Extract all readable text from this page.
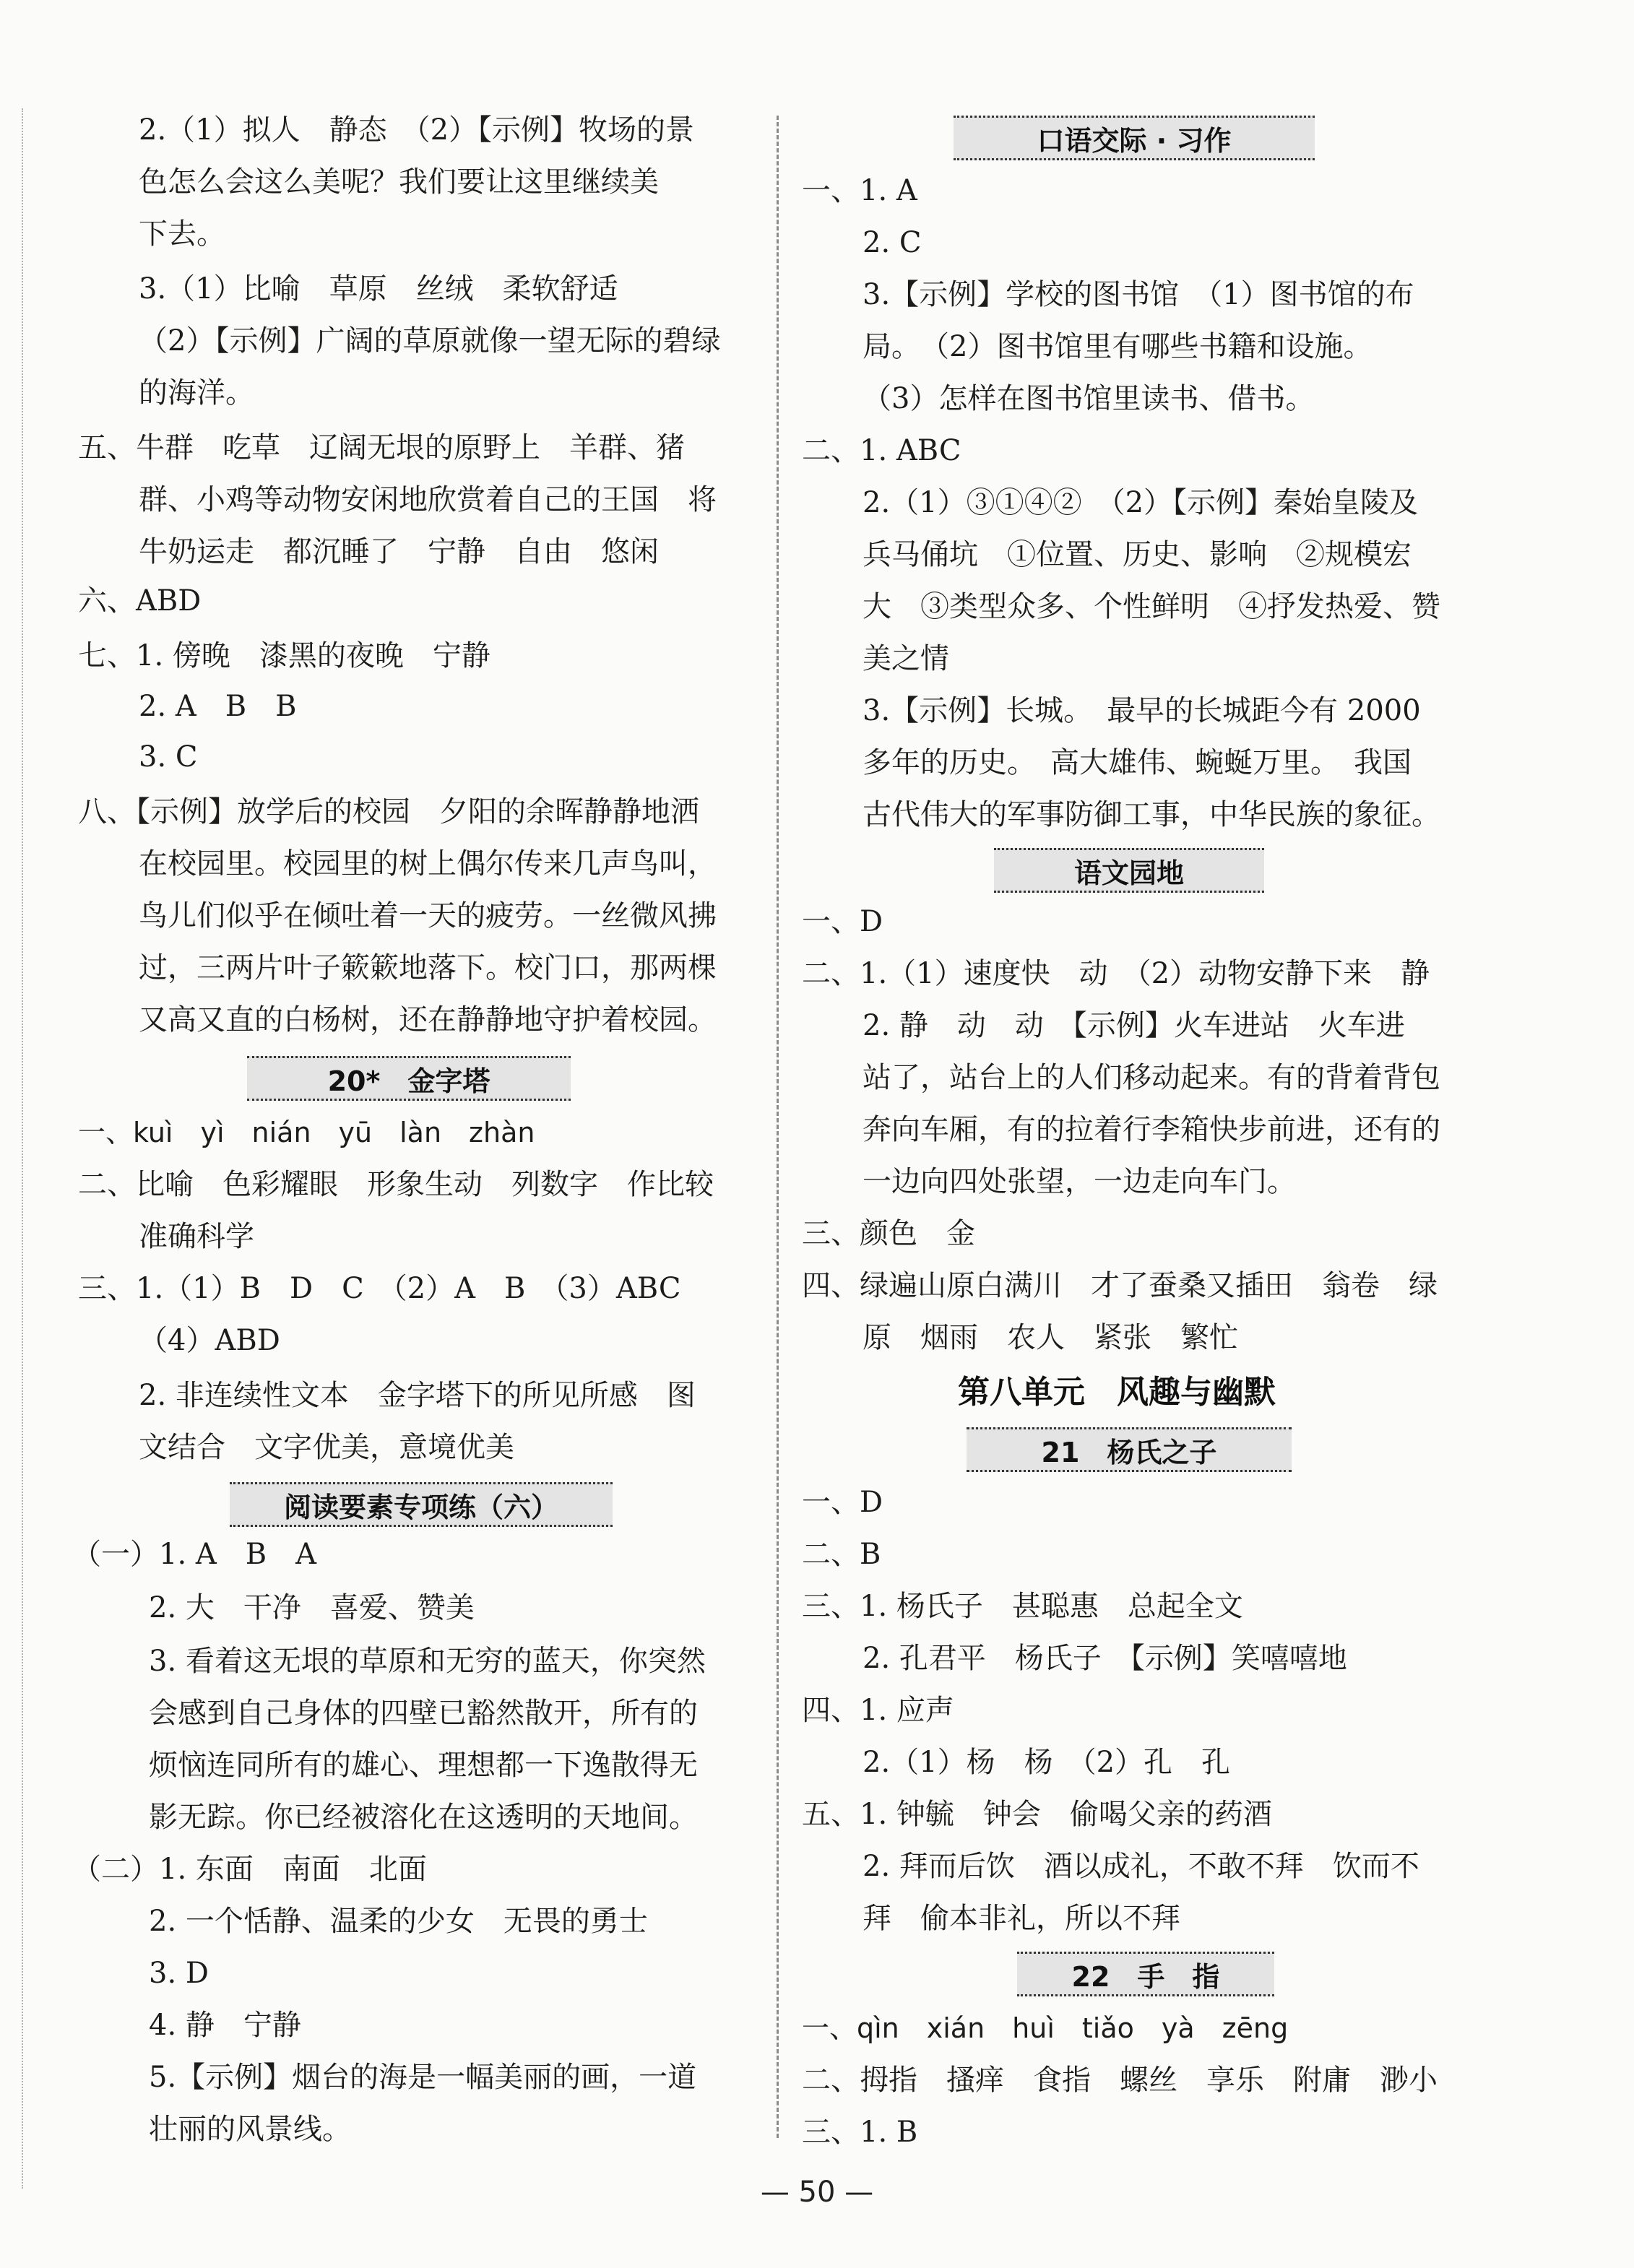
2.（1）拟人　静态　（2）【示例】牧场的景
色怎么会这么美呢？我们要让这里继续美
下去。
3.（1）比喻　草原　丝绒　柔软舒适
（2）【示例】广阔的草原就像一望无际的碧绿
的海洋。
五、牛群　吃草　辽阔无垠的原野上　羊群、猪
群、小鸡等动物安闲地欣赏着自己的王国　将
牛奶运走　都沉睡了　宁静　自由　悠闲
六、ABD
七、1. 傍晚　漆黑的夜晚　宁静
2. A　B　B
3. C
八、【示例】放学后的校园　夕阳的余晖静静地洒
在校园里。校园里的树上偶尔传来几声鸟叫，
鸟儿们似乎在倾吐着一天的疲劳。一丝微风拂
过，三两片叶子簌簌地落下。校门口，那两棵
又高又直的白杨树，还在静静地守护着校园。
20*　金字塔
一、kuì　yì　nián　yū　làn　zhàn
二、比喻　色彩耀眼　形象生动　列数字　作比较
准确科学
三、1.（1）B　D　C　（2）A　B　（3）ABC
（4）ABD
2. 非连续性文本　金字塔下的所见所感　图
文结合　文字优美，意境优美
阅读要素专项练（六）
（一）1. A　B　A
2. 大　干净　喜爱、赞美
3. 看着这无垠的草原和无穷的蓝天，你突然
会感到自己身体的四壁已豁然散开，所有的
烦恼连同所有的雄心、理想都一下逸散得无
影无踪。你已经被溶化在这透明的天地间。
（二）1. 东面　南面　北面
2. 一个恬静、温柔的少女　无畏的勇士
3. D
4. 静　宁静
5.【示例】烟台的海是一幅美丽的画，一道
壮丽的风景线。
口语交际 · 习作
一、1. A
2. C
3.【示例】学校的图书馆　（1）图书馆的布
局。　（2）图书馆里有哪些书籍和设施。
（3）怎样在图书馆里读书、借书。
二、1. ABC
2.（1）③①④②　（2）【示例】秦始皇陵及
兵马俑坑　①位置、历史、影响　②规模宏
大　③类型众多、个性鲜明　④抒发热爱、赞
美之情
3.【示例】长城。　最早的长城距今有 2000
多年的历史。　高大雄伟、蜿蜒万里。　我国
古代伟大的军事防御工事，中华民族的象征。
语文园地
一、D
二、1.（1）速度快　动　（2）动物安静下来　静
2. 静　动　动　【示例】火车进站　火车进
站了，站台上的人们移动起来。有的背着背包
奔向车厢，有的拉着行李箱快步前进，还有的
一边向四处张望，一边走向车门。
三、颜色　金
四、绿遍山原白满川　才了蚕桑又插田　翁卷　绿
原　烟雨　农人　紧张　繁忙
第八单元　风趣与幽默
21　杨氏之子
一、D
二、B
三、1. 杨氏子　甚聪惠　总起全文
2. 孔君平　杨氏子　【示例】笑嘻嘻地
四、1. 应声
2.（1）杨　杨　（2）孔　孔
五、1. 钟毓　钟会　偷喝父亲的药酒
2. 拜而后饮　酒以成礼，不敢不拜　饮而不
拜　偷本非礼，所以不拜
22　手　指
一、qìn　xián　huì　tiǎo　yà　zēng
二、拇指　搔痒　食指　螺丝　享乐　附庸　渺小
三、1. B
— 50 —
